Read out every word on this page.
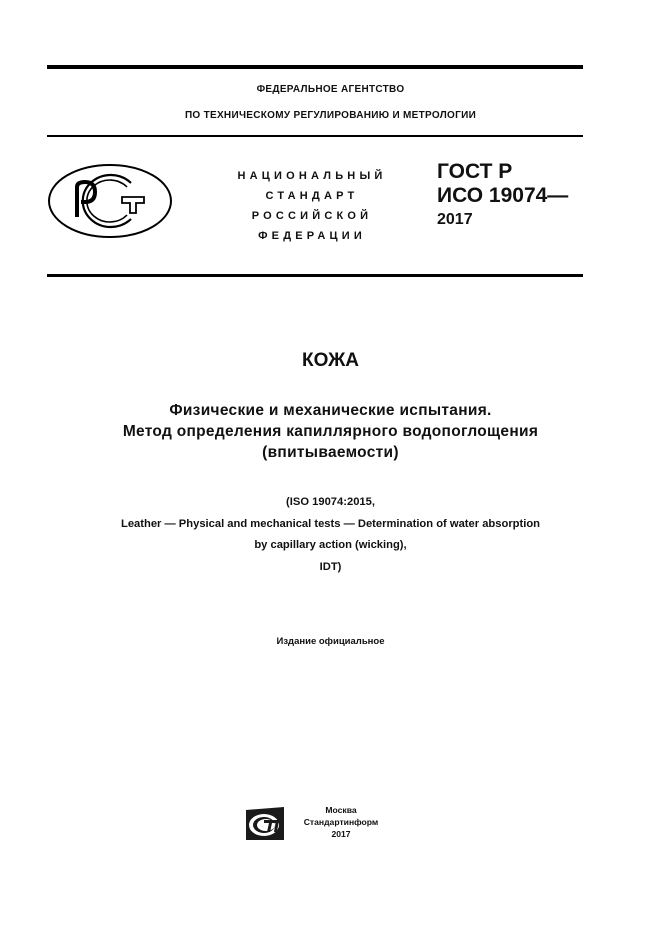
ФЕДЕРАЛЬНОЕ АГЕНТСТВО
ПО ТЕХНИЧЕСКОМУ РЕГУЛИРОВАНИЮ И МЕТРОЛОГИИ
НАЦИОНАЛЬНЫЙ
СТАНДАРТ
РОССИЙСКОЙ
ФЕДЕРАЦИИ
ГОСТ Р
ИСО 19074—
2017
КОЖА
Физические и механические испытания.
Метод определения капиллярного водопоглощения
(впитываемости)
(ISO 19074:2015,
Leather — Physical and mechanical tests — Determination of water absorption
by capillary action (wicking),
IDT)
Издание официальное
Москва
Стандартинформ
2017
